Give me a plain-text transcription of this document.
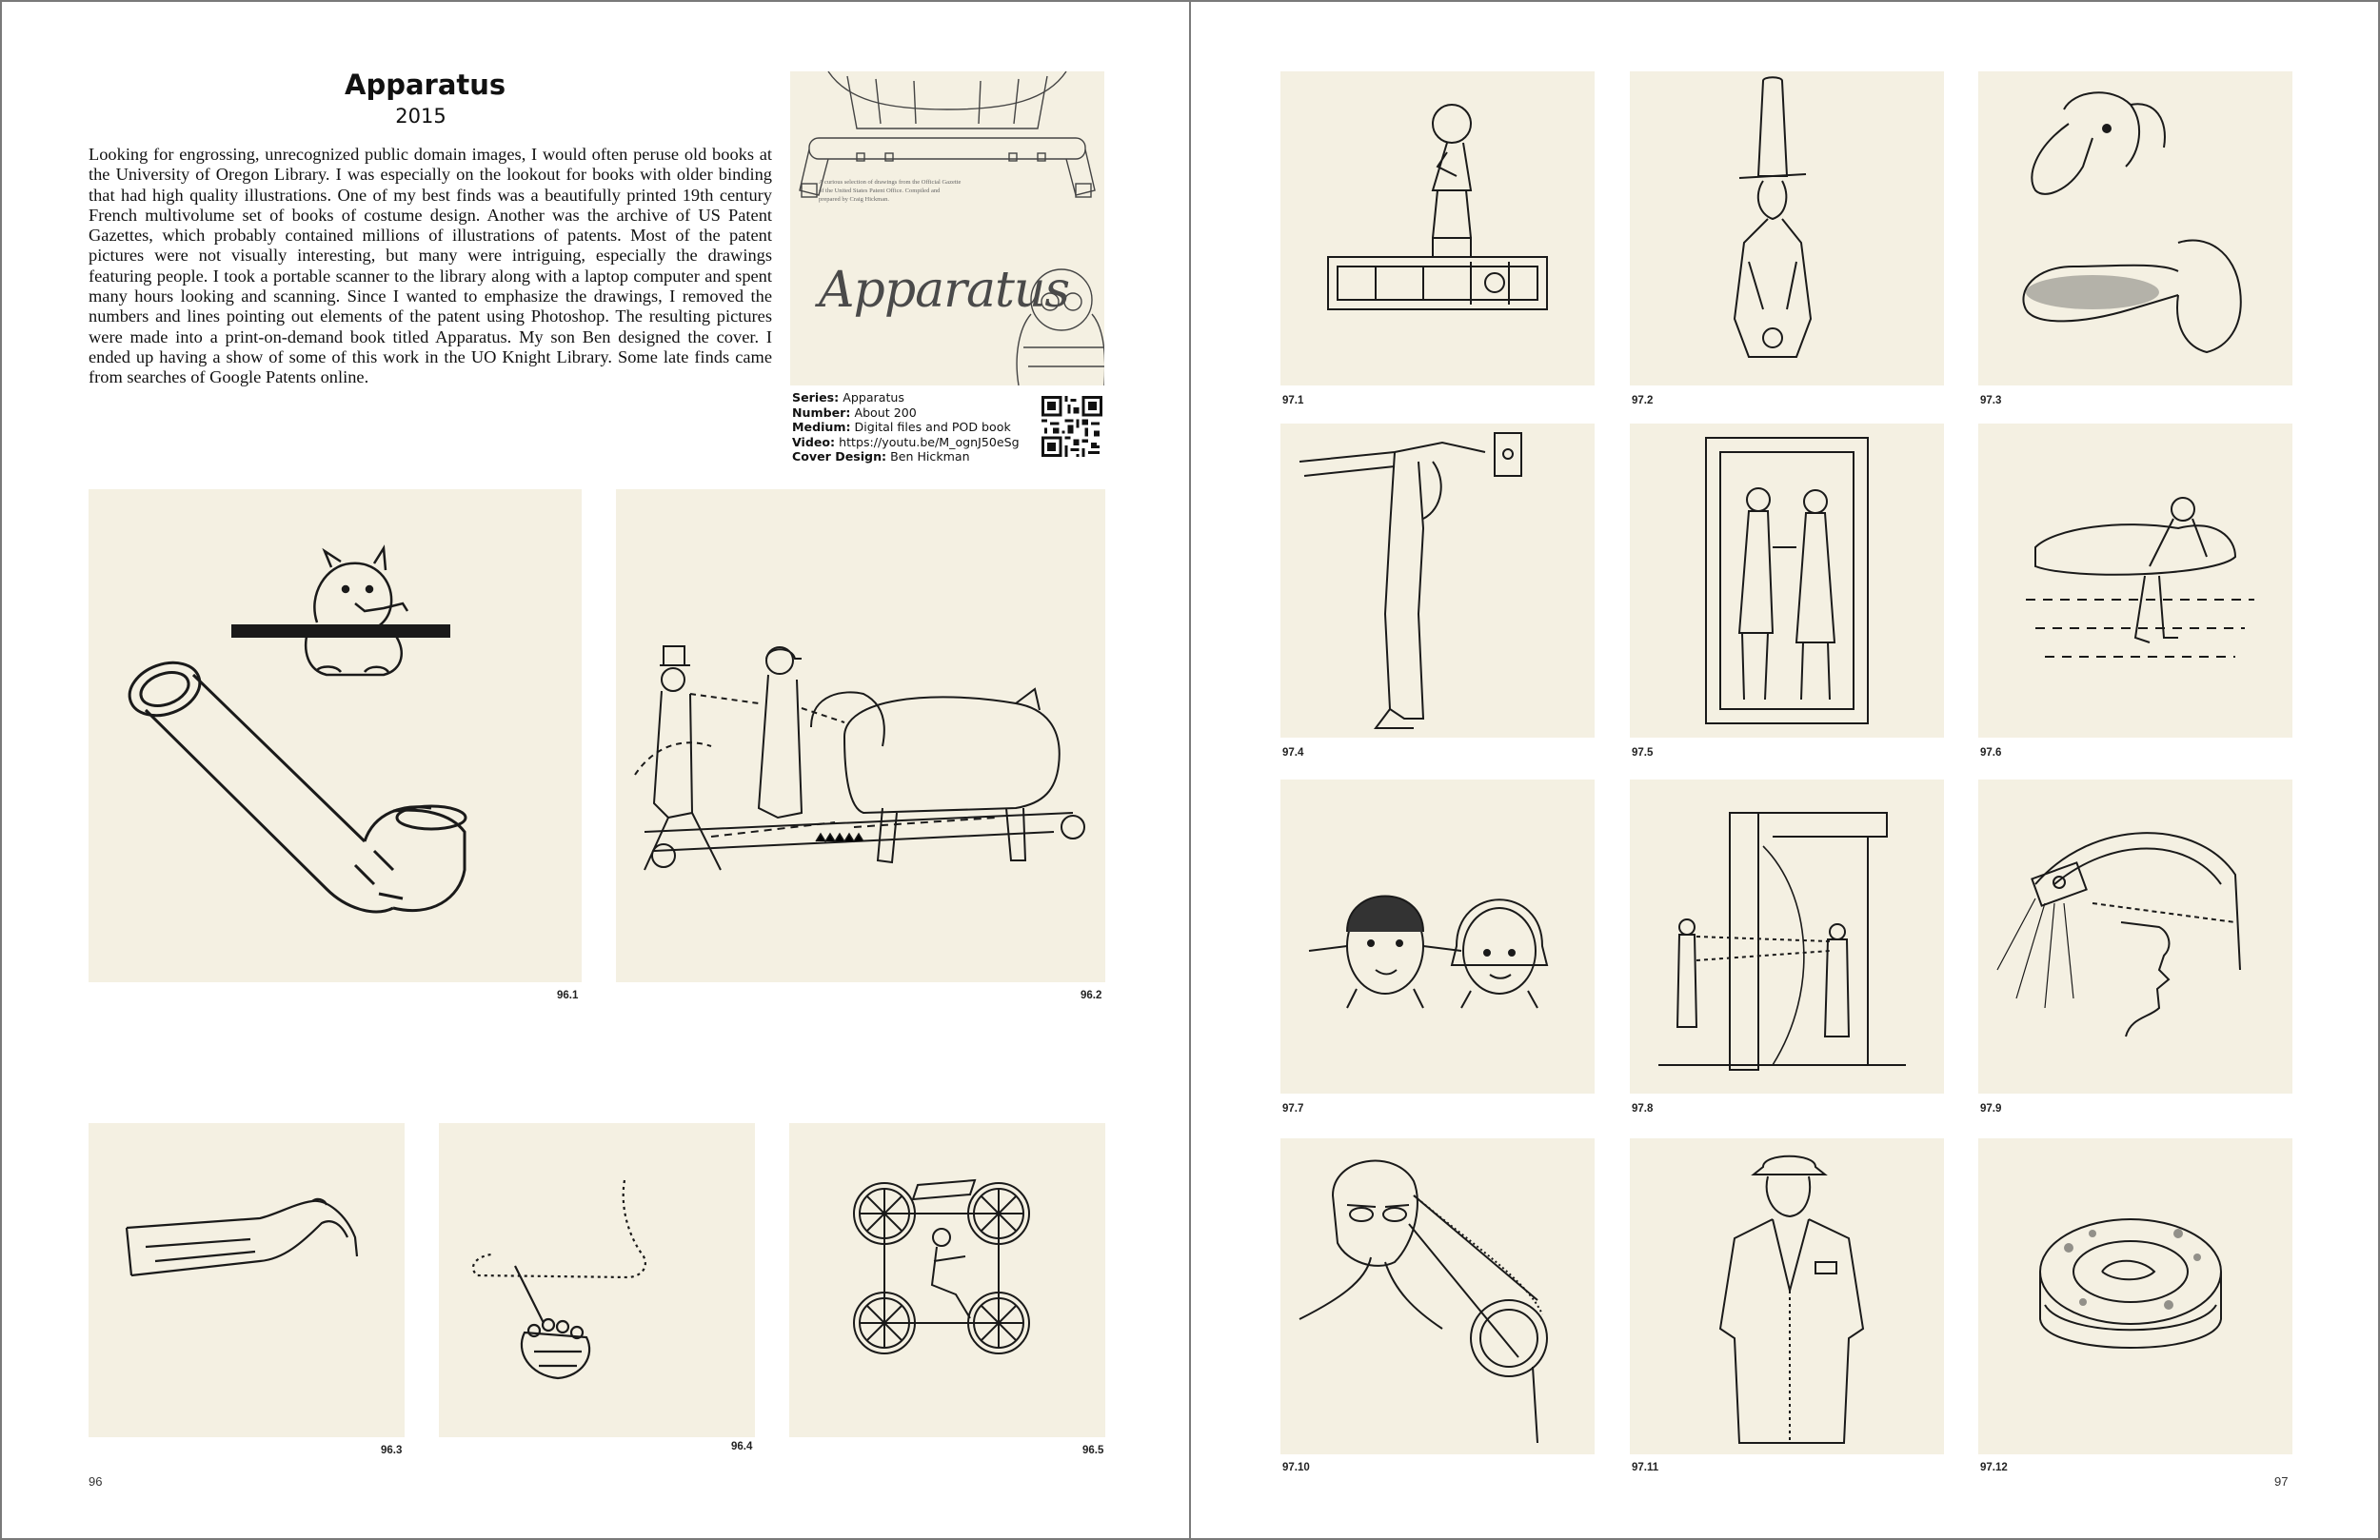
Apparatus
2015
Looking for engrossing, unrecognized public domain images, I would often peruse old books at the University of Oregon Library. I was especially on the lookout for books with older binding that had high quality illustrations. One of my best finds was a beautifully printed 19th century French multivolume set of books of costume design. Another was the archive of US Patent Gazettes, which probably contained millions of illustrations of patents. Most of the patent pictures were not visually interesting, but many were intriguing, especially the drawings featuring people. I took a portable scanner to the library along with a laptop computer and spent many hours looking and scanning. Since I wanted to emphasize the drawings, I removed the numbers and lines pointing out elements of the patent using Photoshop. The resulting pictures were made into a print-on-demand book titled Apparatus. My son Ben designed the cover. I ended up having a show of some of this work in the UO Knight Library. Some late finds came from searches of Google Patents online.
A curious selection of drawings from the Official Gazette of the United States Patent Office. Compiled and prepared by Craig Hickman.
Apparatus
Series: Apparatus
Number: About 200
Medium: Digital files and POD book
Video: https://youtu.be/M_ognJ50eSg
Cover Design: Ben Hickman
96.1	96.2
96.3	96.4	96.5
96
97.1	97.2	97.3
97.4	97.5	97.6
97.7	97.8	97.9
97.10	97.11	97.12
97
